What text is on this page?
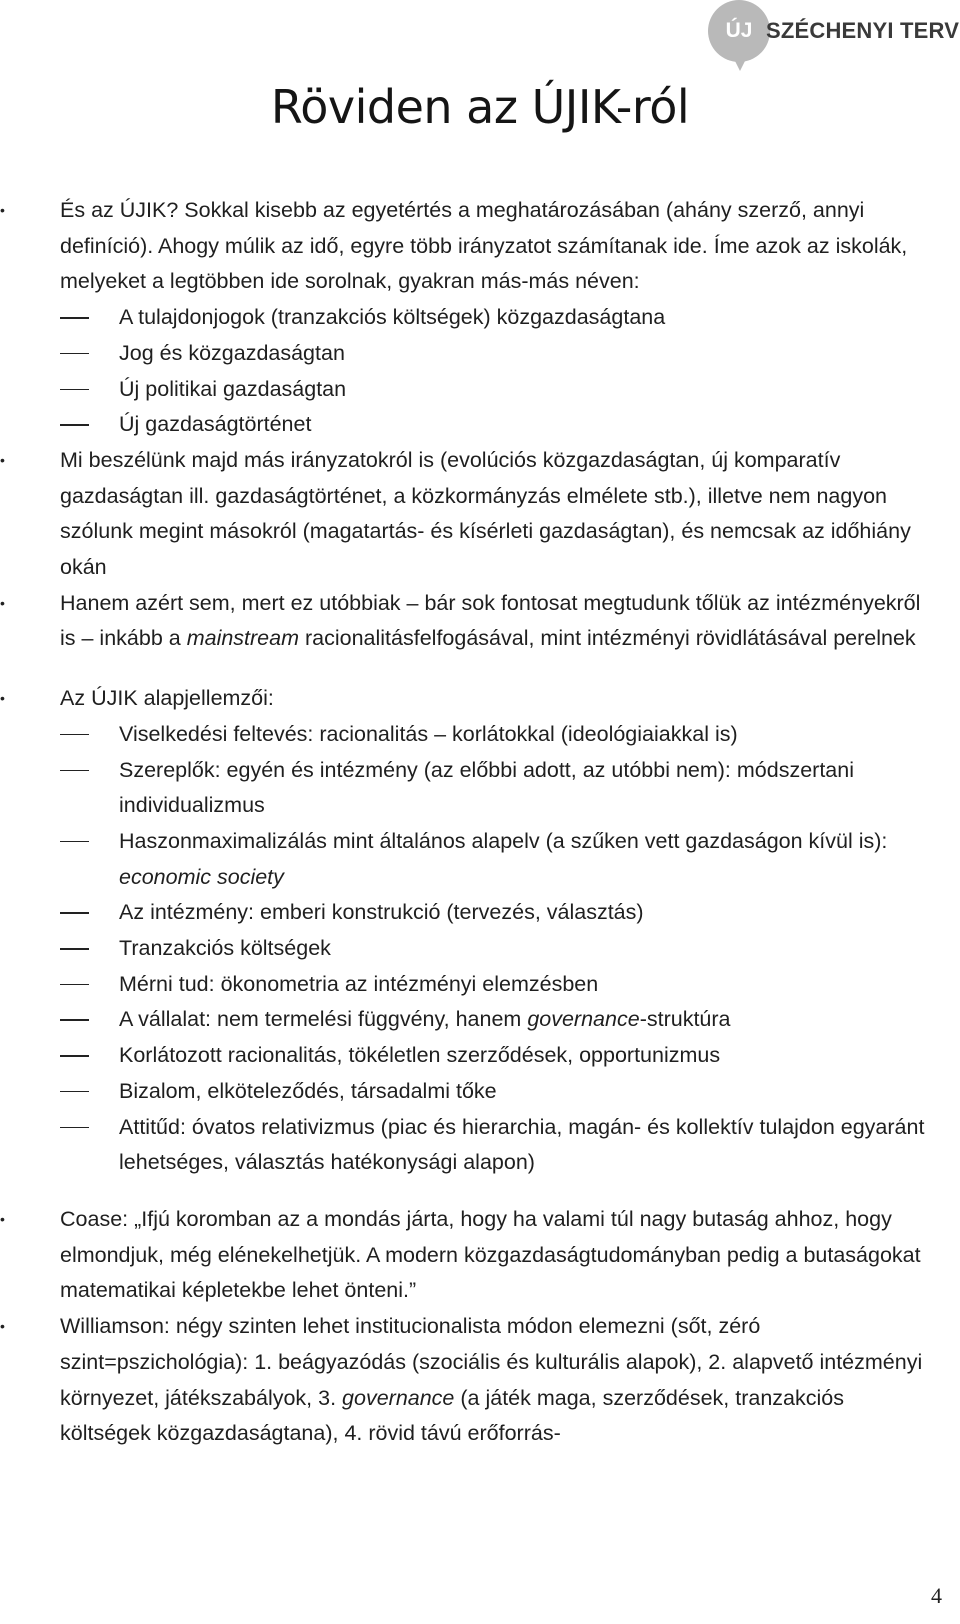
ÚJ SZÉCHENYI TERV
Röviden az ÚJIK-ról
• És az ÚJIK? Sokkal kisebb az egyetértés a meghatározásában (ahány szerző, annyi definíció). Ahogy múlik az idő, egyre több irányzatot számítanak ide. Íme azok az iskolák, melyeket a legtöbben ide sorolnak, gyakran más-más néven:
A tulajdonjogok (tranzakciós költségek) közgazdaságtana
Jog és közgazdaságtan
Új politikai gazdaságtan
Új gazdaságtörténet
• Mi beszélünk majd más irányzatokról is (evolúciós közgazdaságtan, új komparatív gazdaságtan ill. gazdaságtörténet, a közkormányzás elmélete stb.), illetve nem nagyon szólunk megint másokról (magatartás- és kísérleti gazdaságtan), és nemcsak az időhiány okán
• Hanem azért sem, mert ez utóbbiak – bár sok fontosat megtudunk tőlük az intézményekről is – inkább a mainstream racionalitásfelfogásával, mint intézményi rövidlátásával perelnek
• Az ÚJIK alapjellemzői:
Viselkedési feltevés: racionalitás – korlátokkal (ideológiaiakkal is)
Szereplők: egyén és intézmény (az előbbi adott, az utóbbi nem): módszertani individualizmus
Haszonmaximalizálás mint általános alapelv (a szűken vett gazdaságon kívül is): economic society
Az intézmény: emberi konstrukció (tervezés, választás)
Tranzakciós költségek
Mérni tud: ökonometria az intézményi elemzésben
A vállalat: nem termelési függvény, hanem governance-struktúra
Korlátozott racionalitás, tökéletlen szerződések, opportunizmus
Bizalom, elköteleződés, társadalmi tőke
Attitűd: óvatos relativizmus (piac és hierarchia, magán- és kollektív tulajdon egyaránt lehetséges, választás hatékonysági alapon)
• Coase: „Ifjú koromban az a mondás járta, hogy ha valami túl nagy butaság ahhoz, hogy elmondjuk, még elénekelhetjük. A modern közgazdaságtudományban pedig a butaságokat matematikai képletekbe lehet önteni.”
• Williamson: négy szinten lehet institucionalista módon elemezni (sőt, zéró szint=pszichológia): 1. beágyazódás (szociális és kulturális alapok), 2. alapvető intézményi környezet, játékszabályok, 3. governance (a játék maga, szerződések, tranzakciós költségek közgazdaságtana), 4. rövid távú erőforrás-
4
